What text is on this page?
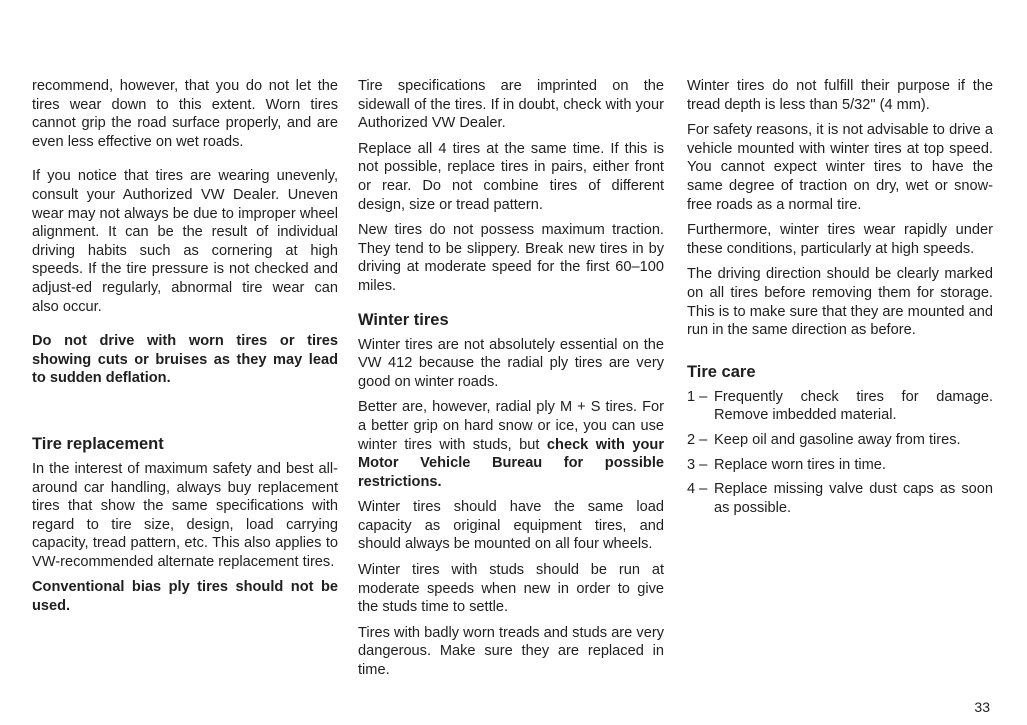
recommend, however, that you do not let the tires wear down to this extent. Worn tires cannot grip the road surface properly, and are even less effective on wet roads.

If you notice that tires are wearing unevenly, consult your Authorized VW Dealer. Uneven wear may not always be due to improper wheel alignment. It can be the result of individual driving habits such as cornering at high speeds. If the tire pressure is not checked and adjust-ed regularly, abnormal tire wear can also occur.

Do not drive with worn tires or tires showing cuts or bruises as they may lead to sudden deflation.

Tire replacement

In the interest of maximum safety and best all-around car handling, always buy replacement tires that show the same specifications with regard to tire size, design, load carrying capacity, tread pattern, etc. This also applies to VW-recommended alternate replacement tires.

Conventional bias ply tires should not be used.

Tire specifications are imprinted on the sidewall of the tires. If in doubt, check with your Authorized VW Dealer.

Replace all 4 tires at the same time. If this is not possible, replace tires in pairs, either front or rear. Do not combine tires of different design, size or tread pattern.

New tires do not possess maximum traction. They tend to be slippery. Break new tires in by driving at moderate speed for the first 60–100 miles.

Winter tires

Winter tires are not absolutely essential on the VW 412 because the radial ply tires are very good on winter roads.

Better are, however, radial ply M + S tires. For a better grip on hard snow or ice, you can use winter tires with studs, but check with your Motor Vehicle Bureau for possible restrictions.

Winter tires should have the same load capacity as original equipment tires, and should always be mounted on all four wheels.

Winter tires with studs should be run at moderate speeds when new in order to give the studs time to settle.

Tires with badly worn treads and studs are very dangerous. Make sure they are replaced in time.

Winter tires do not fulfill their purpose if the tread depth is less than 5/32" (4 mm).

For safety reasons, it is not advisable to drive a vehicle mounted with winter tires at top speed. You cannot expect winter tires to have the same degree of traction on dry, wet or snow-free roads as a normal tire.

Furthermore, winter tires wear rapidly under these conditions, particularly at high speeds.

The driving direction should be clearly marked on all tires before removing them for storage. This is to make sure that they are mounted and run in the same direction as before.

Tire care
1 – Frequently check tires for damage. Remove imbedded material.
2 – Keep oil and gasoline away from tires.
3 – Replace worn tires in time.
4 – Replace missing valve dust caps as soon as possible.
33
